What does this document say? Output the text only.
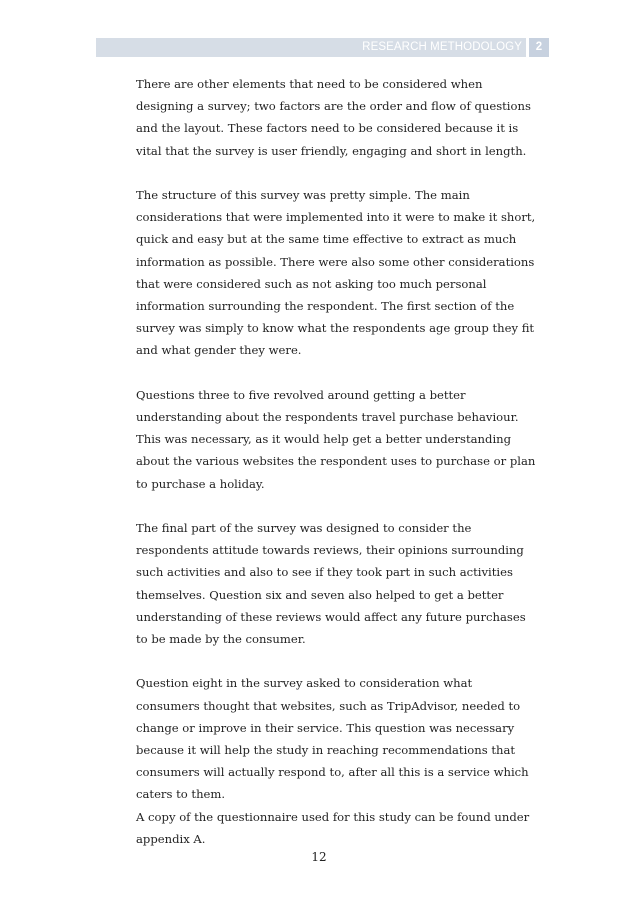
RESEARCH METHODOLOGY	2

There are other elements that need to be considered when designing a survey; two factors are the order and flow of questions and the layout. These factors need to be considered because it is vital that the survey is user friendly, engaging and short in length.

The structure of this survey was pretty simple. The main considerations that were implemented into it were to make it short, quick and easy but at the same time effective to extract as much information as possible. There were also some other considerations that were considered such as not asking too much personal information surrounding the respondent. The first section of the survey was simply to know what the respondents age group they fit and what gender they were.

Questions three to five revolved around getting a better understanding about the respondents travel purchase behaviour. This was necessary, as it would help get a better understanding about the various websites the respondent uses to purchase or plan to purchase a holiday.

The final part of the survey was designed to consider the respondents attitude towards reviews, their opinions surrounding such activities and also to see if they took part in such activities themselves. Question six and seven also helped to get a better understanding of these reviews would affect any future purchases to be made by the consumer.

Question eight in the survey asked to consideration what consumers thought that websites, such as TripAdvisor, needed to change or improve in their service. This question was necessary because it will help the study in reaching recommendations that consumers will actually respond to, after all this is a service which caters to them.

A copy of the questionnaire used for this study can be found under appendix A.

12
